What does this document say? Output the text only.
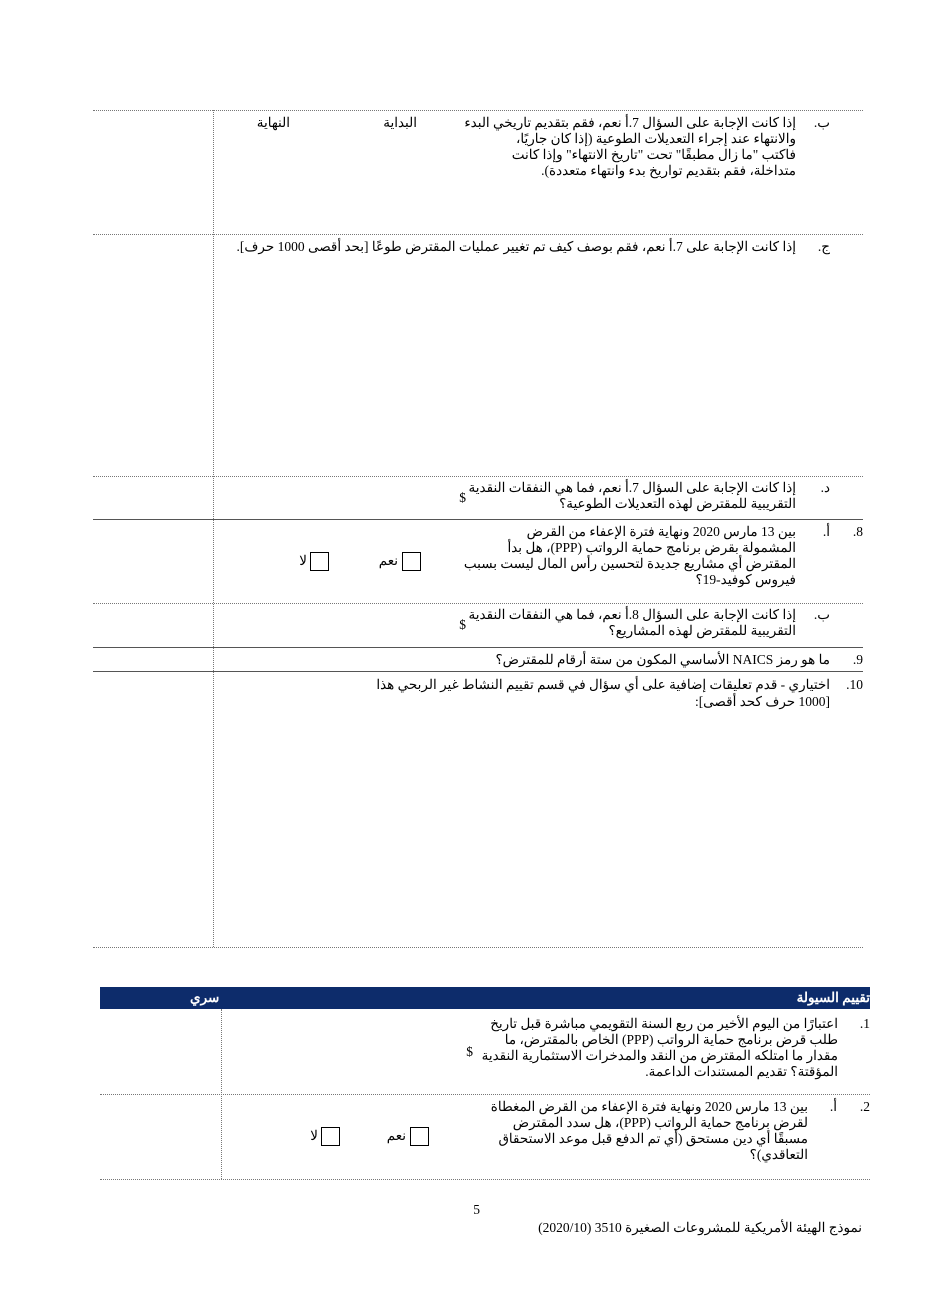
ب.
إذا كانت الإجابة على السؤال 7.أ نعم، فقم بتقديم تاريخي البدء
والانتهاء عند إجراء التعديلات الطوعية (إذا كان جاريًا،
فاكتب "ما زال مطبقًا" تحت "تاريخ الانتهاء" وإذا كانت
متداخلة، فقم بتقديم تواريخ بدء وانتهاء متعددة).
البداية
النهاية
ج.
إذا كانت الإجابة على 7.أ نعم، فقم بوصف كيف تم تغيير عمليات المقترض طوعًا [بحد أقصى 1000 حرف].
د.
إذا كانت الإجابة على السؤال 7.أ نعم، فما هي النفقات النقدية
التقريبية للمقترض لهذه التعديلات الطوعية؟
$
8.
أ.
بين 13 مارس 2020 ونهاية فترة الإعفاء من القرض
المشمولة بقرض برنامج حماية الرواتب (PPP)، هل بدأ
المقترض أي مشاريع جديدة لتحسين رأس المال ليست بسبب
فيروس كوفيد-19؟
نعم
لا
ب.
إذا كانت الإجابة على السؤال 8.أ نعم، فما هي النفقات النقدية
التقريبية للمقترض لهذه المشاريع؟
$
9.
ما هو رمز NAICS الأساسي المكون من ستة أرقام للمقترض؟
10.
اختياري - قدم تعليقات إضافية على أي سؤال في قسم تقييم النشاط غير الربحي هذا
[1000 حرف كحد أقصى]:
تقييم السيولة
سري
1.
اعتبارًا من اليوم الأخير من ربع السنة التقويمي مباشرة قبل تاريخ
طلب قرض برنامج حماية الرواتب (PPP) الخاص بالمقترض، ما
مقدار ما امتلكه المقترض من النقد والمدخرات الاستثمارية النقدية
المؤقتة؟ تقديم المستندات الداعمة.
$
2.
أ.
بين 13 مارس 2020 ونهاية فترة الإعفاء من القرض المغطاة
لقرض برنامج حماية الرواتب (PPP)، هل سدد المقترض
مسبقًا أي دين مستحق (أي تم الدفع قبل موعد الاستحقاق
التعاقدي)؟
نعم
لا
5
نموذج الهيئة الأمريكية للمشروعات الصغيرة 3510 (2020/10)
